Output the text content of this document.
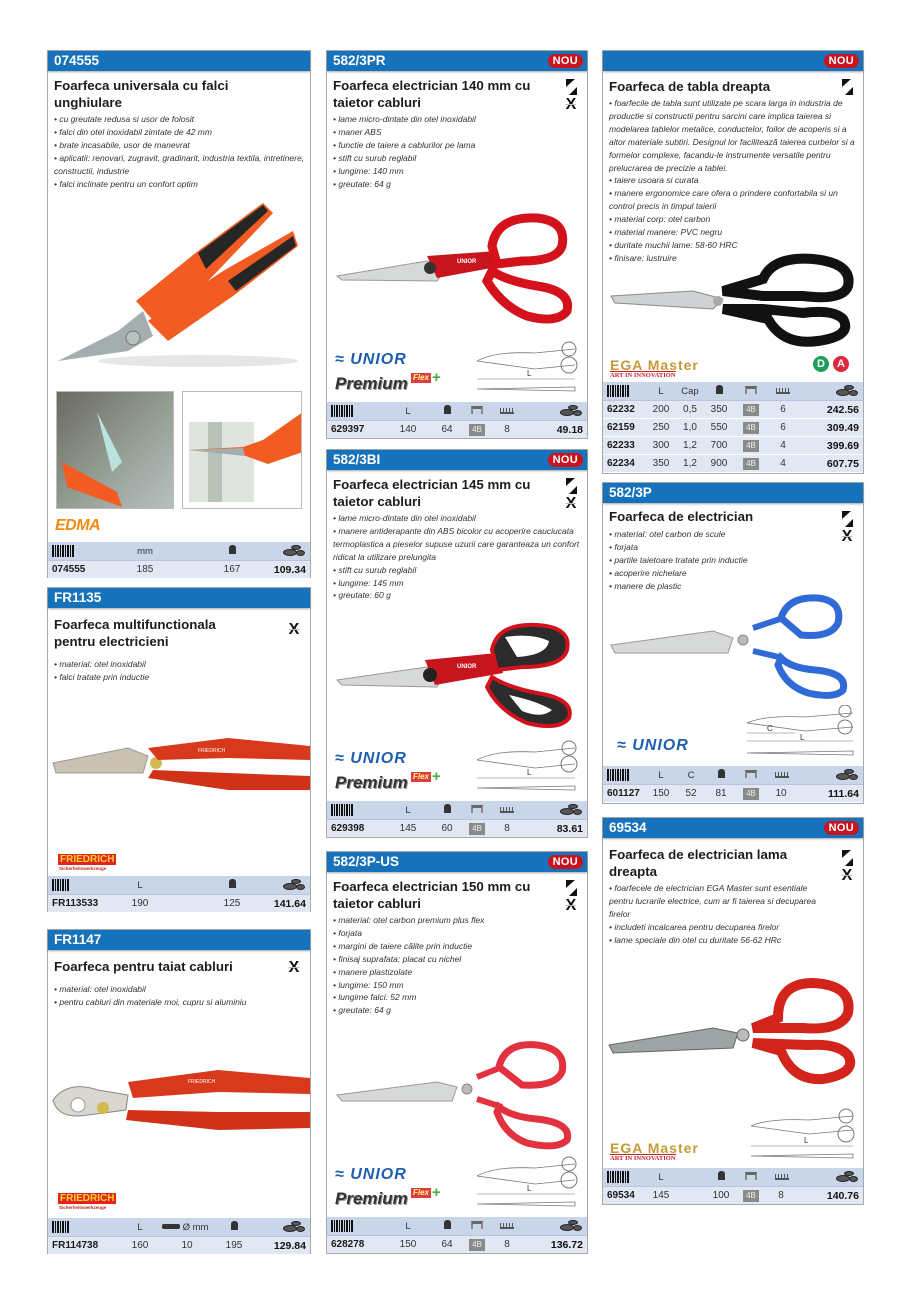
074555
Foarfeca universala cu falci unghiulare
• cu greutate redusa si usor de folosit
• falci din otel inoxidabil zimtate de 42 mm
• brate incasabile, usor de manevrat
• aplicatii: renovari, zugravit, gradinarit, industria textila, intretinere, constructii, industrie
• falci inclinate pentru un confort optim
EDMA
mm
074555	185	167	109.34
FR1135
Foarfeca multifunctionala pentru electricieni
X
• material: otel inoxidabil
• falci tratate prin inductie
FRIEDRICH
FRIEDRICH
Sicherheitswerkzeuge
L
FR113533	190	125	141.64
FR1147
Foarfeca pentru taiat cabluri	X
• material: otel inoxidabil
• pentru cabluri din materiale moi, cupru si aluminiu
FRIEDRICH
FRIEDRICH
Sicherheitswerkzeuge
L	Ø mm
FR114738	160	10	195	129.84
582/3PR	NOU
Foarfeca electrician 140 mm cu taietor cabluri	X
• lame micro-dintate din otel inoxidabil
• maner ABS
• functie de taiere a cablurilor pe lama
• stift cu surub reglabil
• lungime: 140 mm
• greutate: 64 g
UNIOR
≈ UNIOR
Premium Flex +	L
L
629397	140	64	4B	8	49.18
582/3BI	NOU
Foarfeca electrician 145 mm cu taietor cabluri	X
• lame micro-dintate din otel inoxidabil
• manere antiderapante din ABS bicolor cu acoperire cauciucata termoplastica a pieselor supuse uzurii care garanteaza un confort ridicat la utilizare prelungita
• stift cu surub reglabil
• lungime: 145 mm
• greutate: 60 g
UNIOR
≈ UNIOR
Premium Flex +	L
L
629398	145	60	4B	8	83.61
582/3P-US	NOU
Foarfeca electrician 150 mm cu taietor cabluri	X
• material: otel carbon premium plus flex
• forjata
• margini de taiere călite prin inductie
• finisaj suprafata: placat cu nichel
• manere plastizolate
• lungime: 150 mm
• lungime falci: 52 mm
• greutate: 64 g
≈ UNIOR
Premium Flex +	L
L
628278	150	64	4B	8	136.72
NOU
Foarfeca de tabla dreapta
• foarfecile de tabla sunt utilizate pe scara larga in industria de productie si constructii pentru sarcini care implica taierea si modelarea tablelor metalice, conductelor, foilor de acoperis si a altor materiale subtiri. Designul lor faciliteazã taierea curbelor si a formelor complexe, facandu-le instrumente versatile pentru prelucrarea de precizie a tablei.
• taiere usoara si curata
• manere ergonomice care ofera o prindere confortabila si un control precis in timpul taierii
• material corp: otel carbon
• material manere: PVC negru
• duritate muchii lame: 58-60 HRC
• finisare: lustruire
EGA Master
ART IN INNOVATION
D	A
L	Cap
62232	200	0,5	350	4B	6	242.56
62159	250	1,0	550	4B	6	309.49
62233	300	1,2	700	4B	4	399.69
62234	350	1,2	900	4B	4	607.75
582/3P
Foarfeca de electrician
X
• material: otel carbon de scule
• forjata
• partile taietoare tratate prin inductie
• acoperire nichelare
• manere de plastic
C
L
≈ UNIOR
L	C
601127	150	52	81	4B	10	111.64
69534	NOU
Foarfeca de electrician lama dreapta	X
• foarfecele de electrician EGA Master sunt esentiale pentru lucrarile electrice, cum ar fi taierea si decuparea firelor
• includeti incalcarea pentru decuparea firelor
• lame speciale din otel cu duritate 56-62 HRc
L
EGA Master
ART IN INNOVATION
L
69534	145	100	4B	8	140.76
